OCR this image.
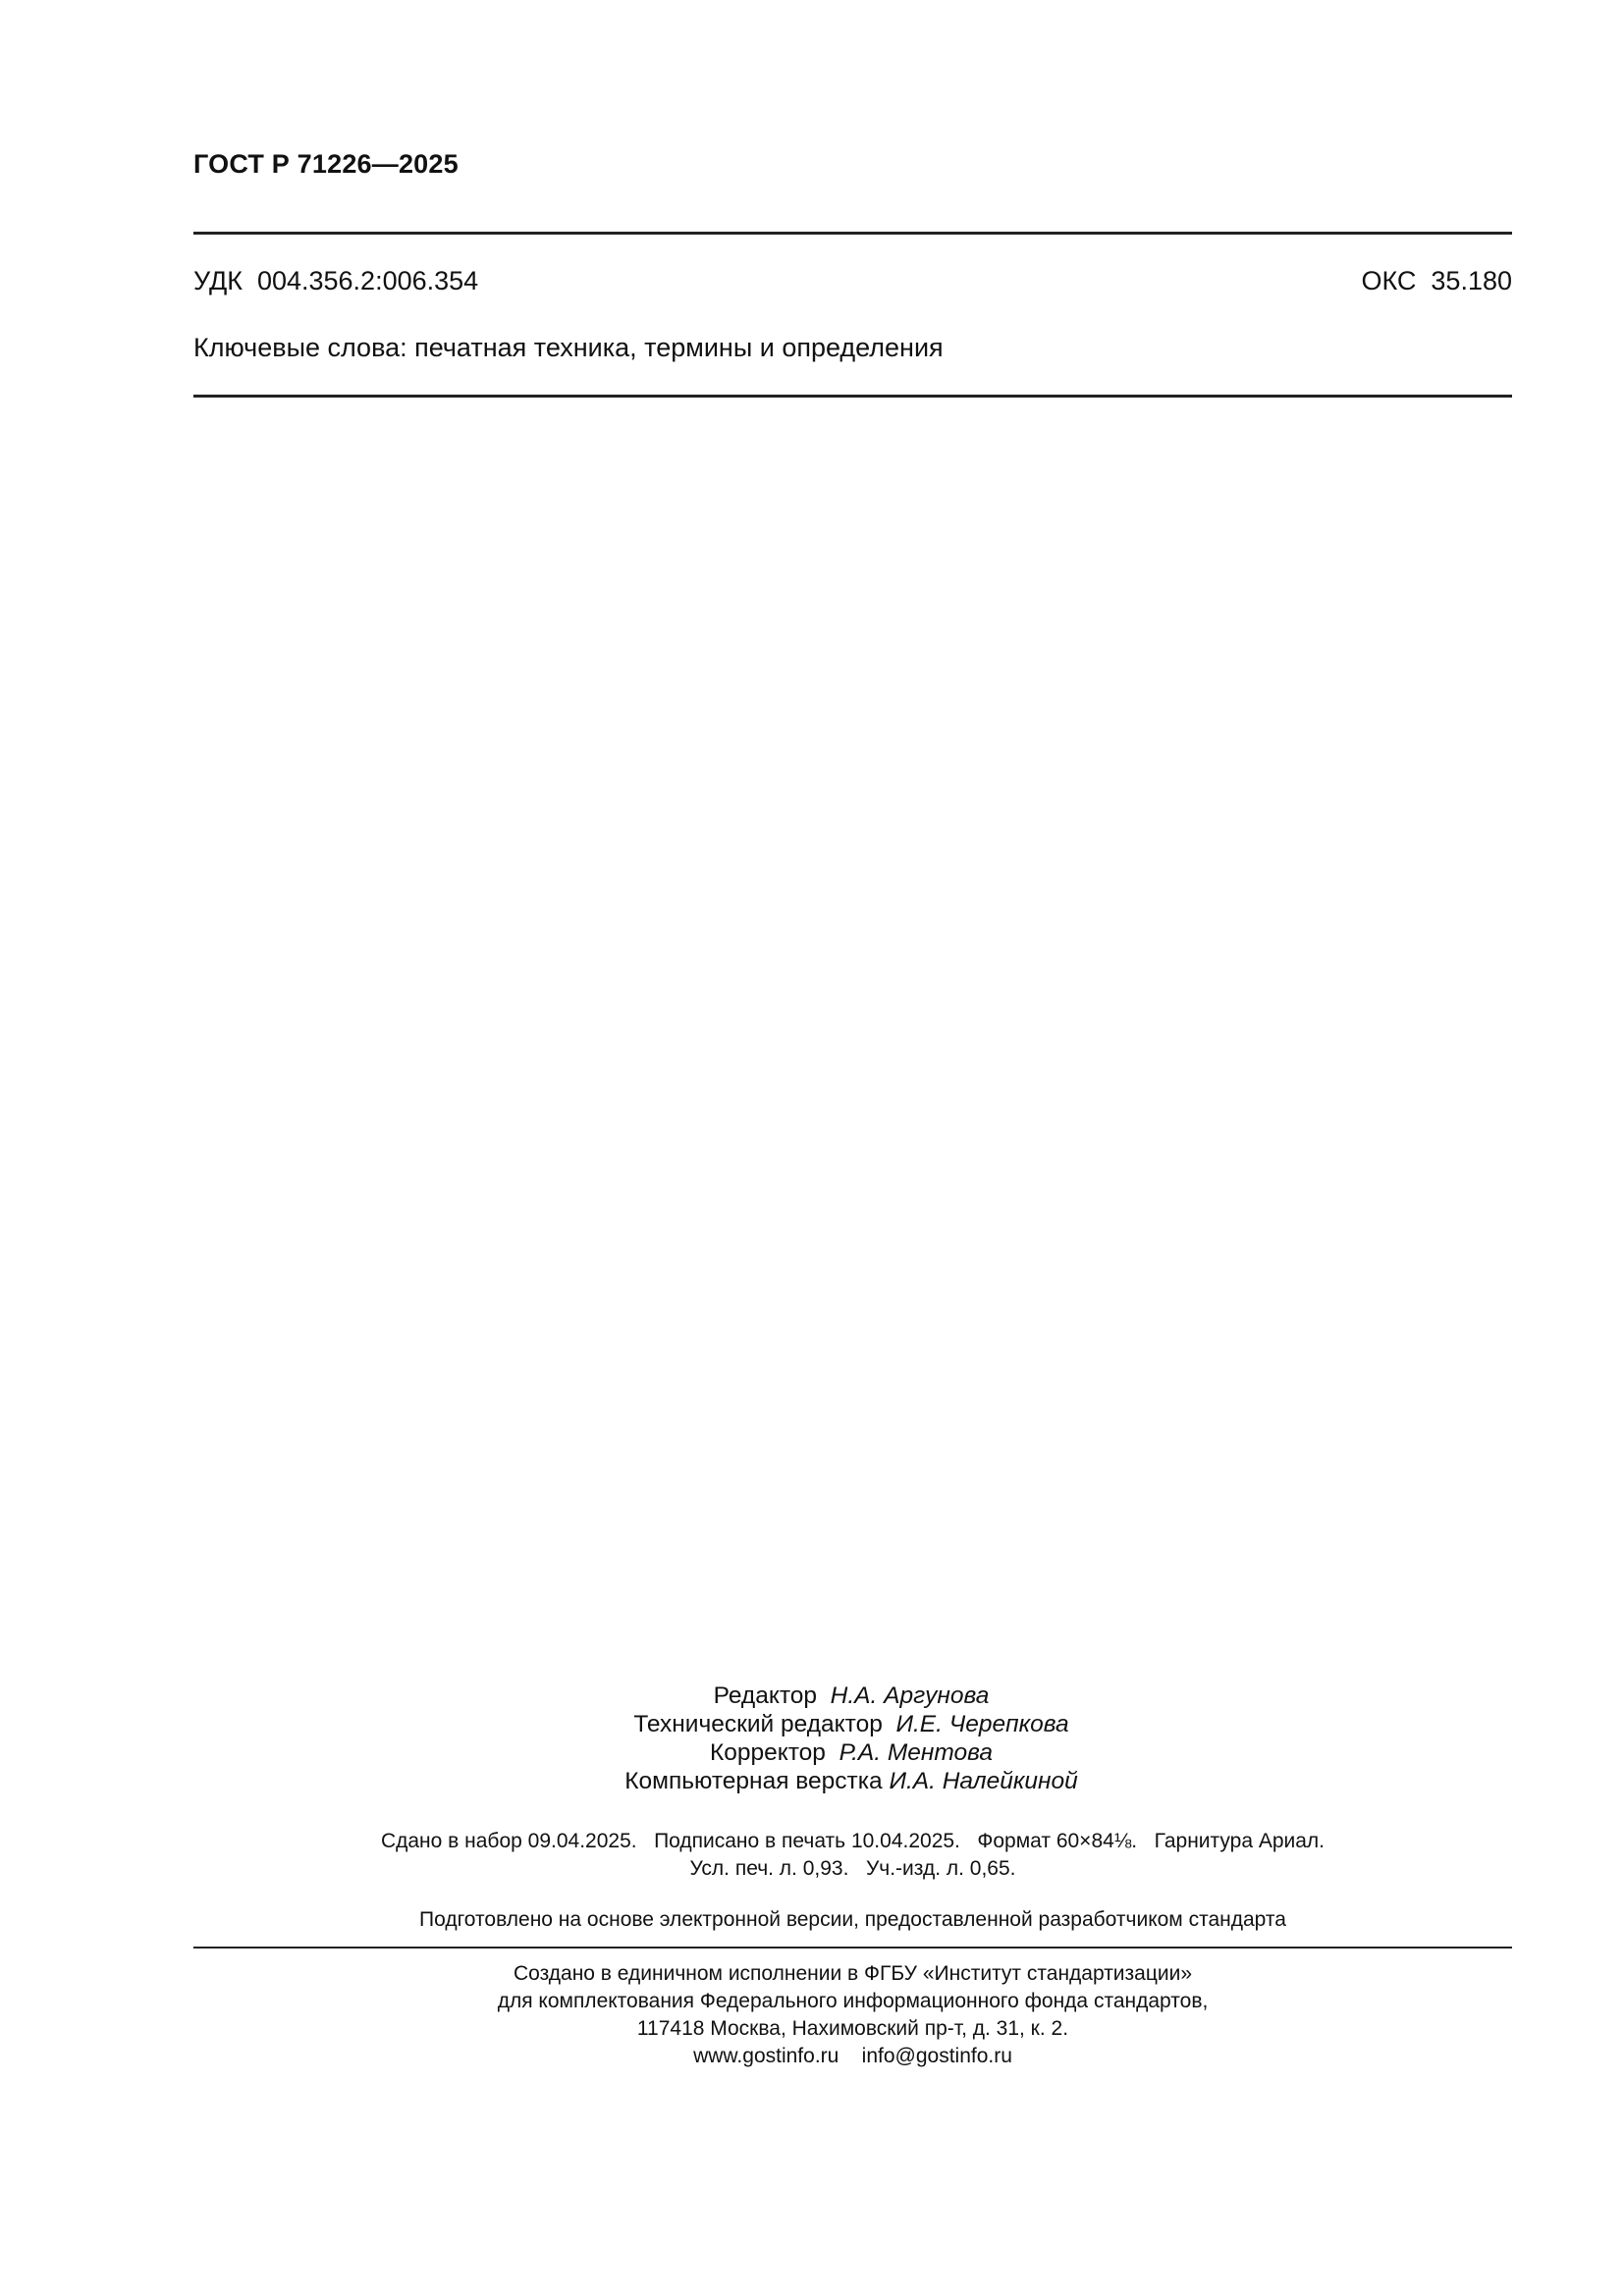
ГОСТ Р 71226—2025
УДК  004.356.2:006.354	ОКС  35.180
Ключевые слова: печатная техника, термины и определения
Редактор Н.А. Аргунова
Технический редактор И.Е. Черепкова
Корректор Р.А. Ментова
Компьютерная верстка И.А. Налейкиной
Сдано в набор 09.04.2025.   Подписано в печать 10.04.2025.   Формат 60×84⅛.   Гарнитура Ариал.
Усл. печ. л. 0,93.   Уч.-изд. л. 0,65.
Подготовлено на основе электронной версии, предоставленной разработчиком стандарта
Создано в единичном исполнении в ФГБУ «Институт стандартизации»
для комплектования Федерального информационного фонда стандартов,
117418 Москва, Нахимовский пр-т, д. 31, к. 2.
www.gostinfo.ru    info@gostinfo.ru
